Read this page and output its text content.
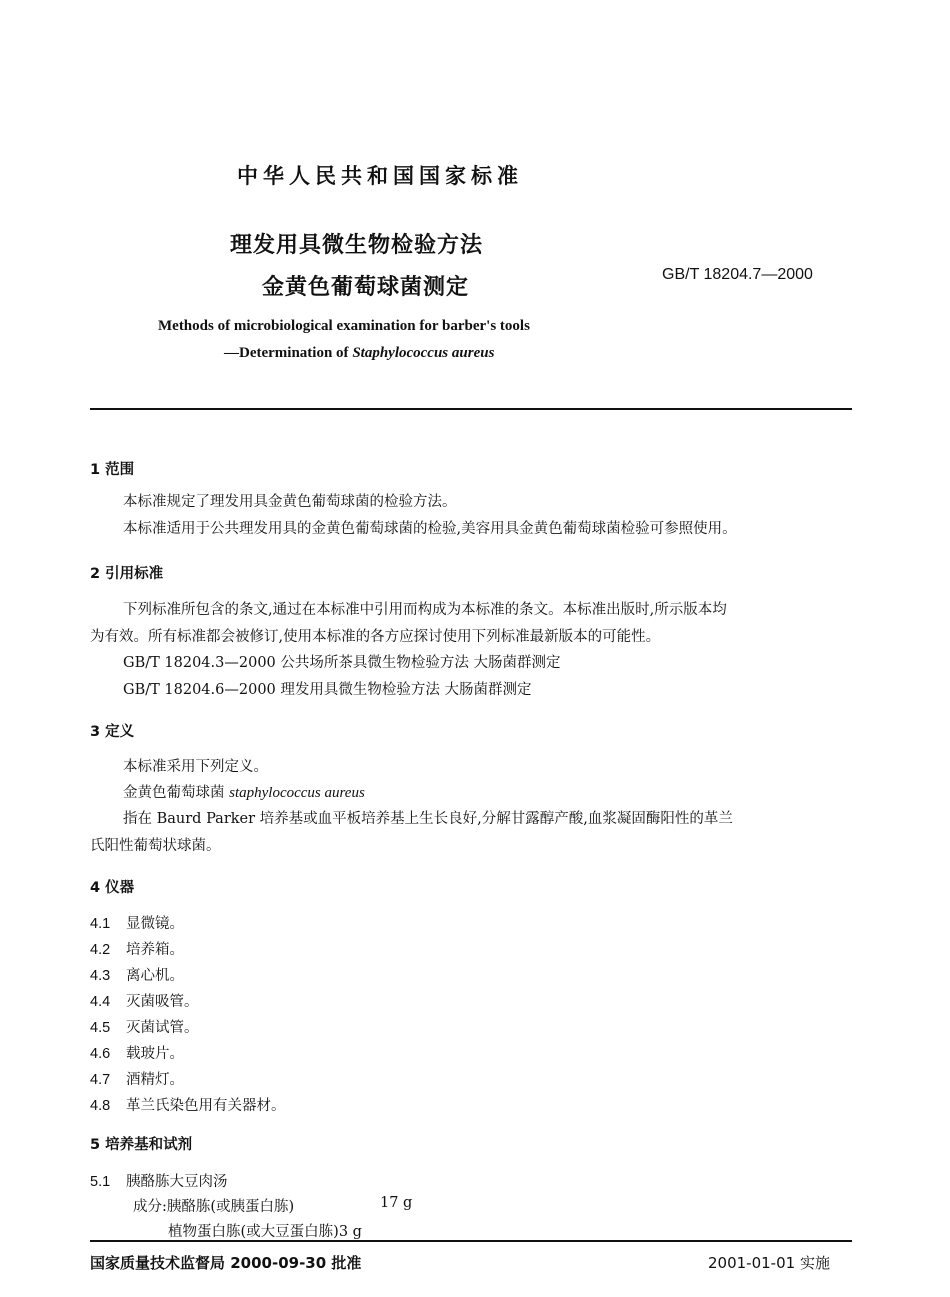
中华人民共和国国家标准
理发用具微生物检验方法
金黄色葡萄球菌测定
GB/T 18204.7—2000
Methods of microbiological examination for barber's tools
—Determination of Staphylococcus aureus
1 范围
本标准规定了理发用具金黄色葡萄球菌的检验方法。
本标准适用于公共理发用具的金黄色葡萄球菌的检验,美容用具金黄色葡萄球菌检验可参照使用。
2 引用标准
下列标准所包含的条文,通过在本标准中引用而构成为本标准的条文。本标准出版时,所示版本均
为有效。所有标准都会被修订,使用本标准的各方应探讨使用下列标准最新版本的可能性。
GB/T 18204.3—2000 公共场所茶具微生物检验方法 大肠菌群测定
GB/T 18204.6—2000 理发用具微生物检验方法 大肠菌群测定
3 定义
本标准采用下列定义。
金黄色葡萄球菌 staphylococcus aureus
指在 Baurd Parker 培养基或血平板培养基上生长良好,分解甘露醇产酸,血浆凝固酶阳性的革兰
氏阳性葡萄状球菌。
4 仪器
4.1 显微镜。
4.2 培养箱。
4.3 离心机。
4.4 灭菌吸管。
4.5 灭菌试管。
4.6 载玻片。
4.7 酒精灯。
4.8 革兰氏染色用有关器材。
5 培养基和试剂
5.1 胰酪胨大豆肉汤
成分:胰酪胨(或胰蛋白胨)	17 g
植物蛋白胨(或大豆蛋白胨)3 g
国家质量技术监督局 2000-09-30 批准	2001-01-01 实施
